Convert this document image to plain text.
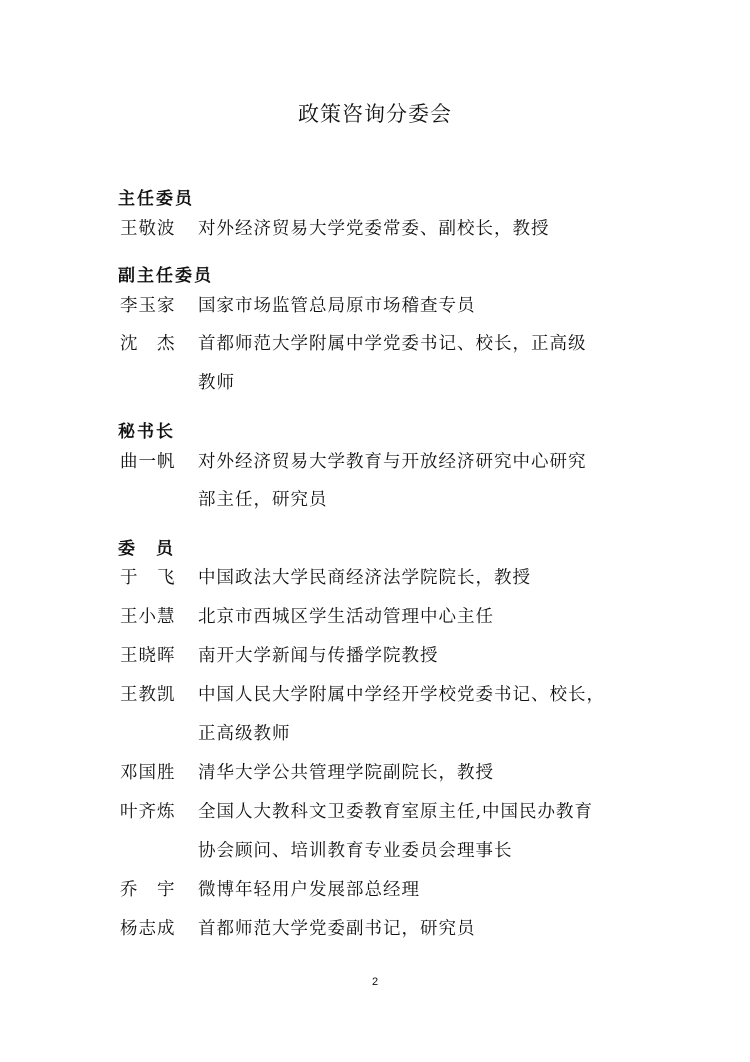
政策咨询分委会
主任委员
王敬波 对外经济贸易大学党委常委、副校长，教授
副主任委员
李玉家 国家市场监管总局原市场稽查专员
沈　杰 首都师范大学附属中学党委书记、校长，正高级
教师
秘书长
曲一帆 对外经济贸易大学教育与开放经济研究中心研究
部主任，研究员
委　员
于　飞 中国政法大学民商经济法学院院长，教授
王小慧 北京市西城区学生活动管理中心主任
王晓晖 南开大学新闻与传播学院教授
王教凯 中国人民大学附属中学经开学校党委书记、校长，
正高级教师
邓国胜 清华大学公共管理学院副院长，教授
叶齐炼 全国人大教科文卫委教育室原主任,中国民办教育
协会顾问、培训教育专业委员会理事长
乔　宇 微博年轻用户发展部总经理
杨志成 首都师范大学党委副书记，研究员
2
